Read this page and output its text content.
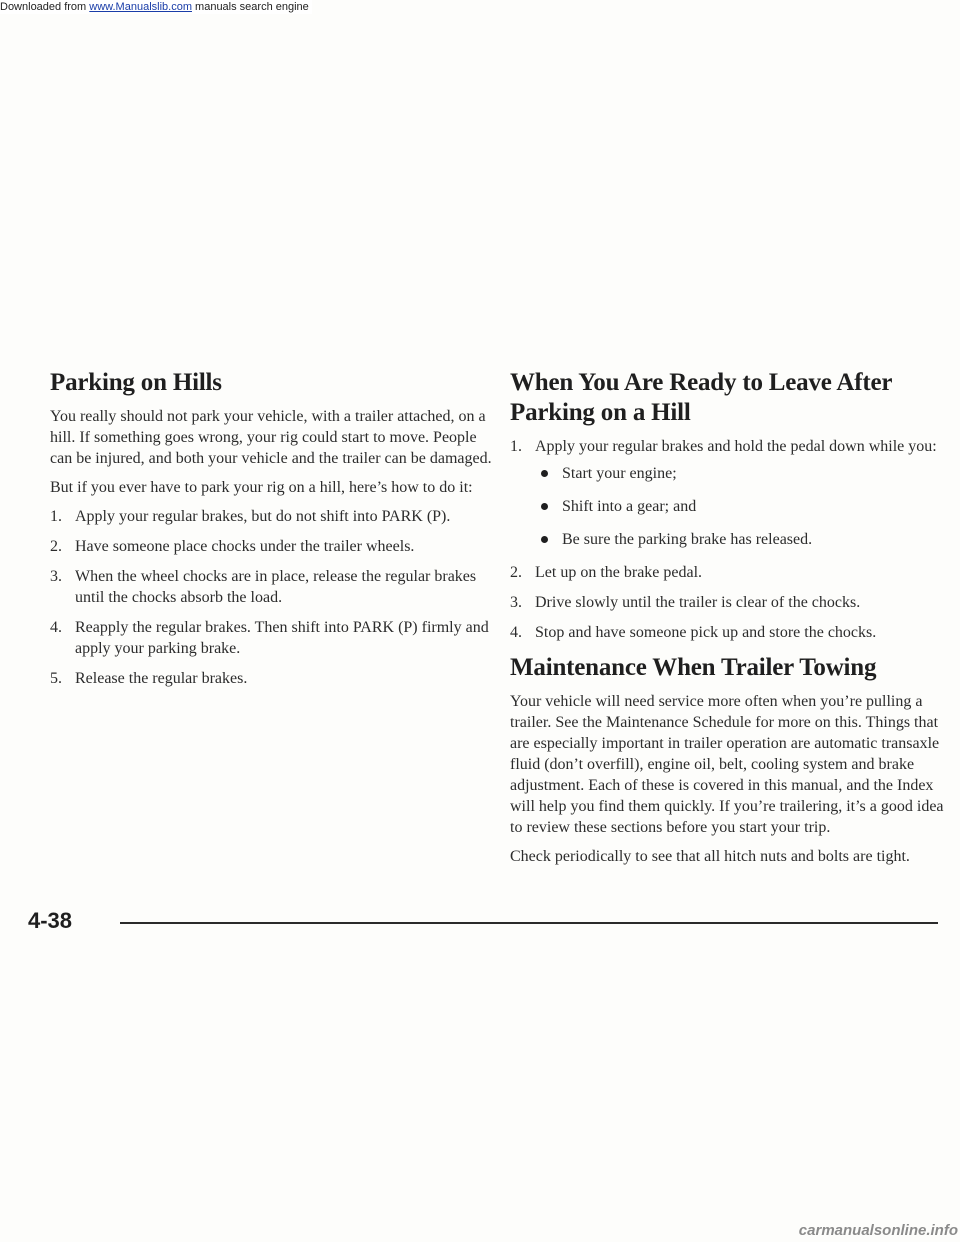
Downloaded from www.Manualslib.com manuals search engine
Parking on Hills

You really should not park your vehicle, with a trailer attached, on a hill. If something goes wrong, your rig could start to move. People can be injured, and both your vehicle and the trailer can be damaged.

But if you ever have to park your rig on a hill, here’s how to do it:

1. Apply your regular brakes, but do not shift into PARK (P).
2. Have someone place chocks under the trailer wheels.
3. When the wheel chocks are in place, release the regular brakes until the chocks absorb the load.
4. Reapply the regular brakes. Then shift into PARK (P) firmly and apply your parking brake.
5. Release the regular brakes.
When You Are Ready to Leave After Parking on a Hill
1. Apply your regular brakes and hold the pedal down while you:
Start your engine;
Shift into a gear; and
Be sure the parking brake has released.
2. Let up on the brake pedal.
3. Drive slowly until the trailer is clear of the chocks.
4. Stop and have someone pick up and store the chocks.
Maintenance When Trailer Towing

Your vehicle will need service more often when you’re pulling a trailer. See the Maintenance Schedule for more on this. Things that are especially important in trailer operation are automatic transaxle fluid (don’t overfill), engine oil, belt, cooling system and brake adjustment. Each of these is covered in this manual, and the Index will help you find them quickly. If you’re trailering, it’s a good idea to review these sections before you start your trip.

Check periodically to see that all hitch nuts and bolts are tight.

4-38
carmanualsonline.info
